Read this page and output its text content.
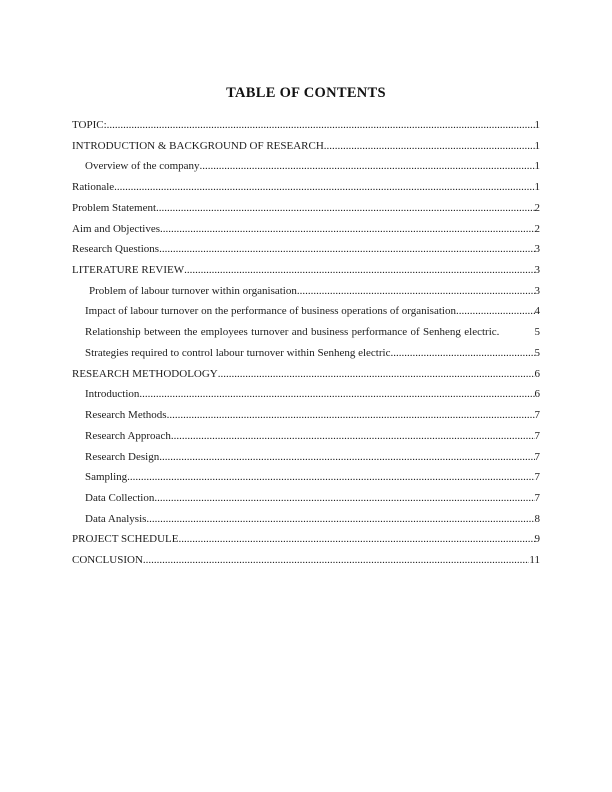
TABLE OF CONTENTS
TOPIC: .....	1
INTRODUCTION & BACKGROUND OF RESEARCH .....	1
Overview of the company .....	1
Rationale .....	1
Problem Statement .....	2
Aim and Objectives .....	2
Research Questions .....	3
LITERATURE REVIEW .....	3
Problem of labour turnover within organisation .....	3
Impact of labour turnover on the performance of business operations of organisation .....	4
Relationship between the employees turnover and business performance of Senheng electric.	5
Strategies required to control labour turnover within Senheng electric .....	5
RESEARCH METHODOLOGY .....	6
Introduction .....	6
Research Methods .....	7
Research Approach .....	7
Research Design .....	7
Sampling .....	7
Data Collection .....	7
Data Analysis .....	8
PROJECT SCHEDULE .....	9
CONCLUSION .....	11
